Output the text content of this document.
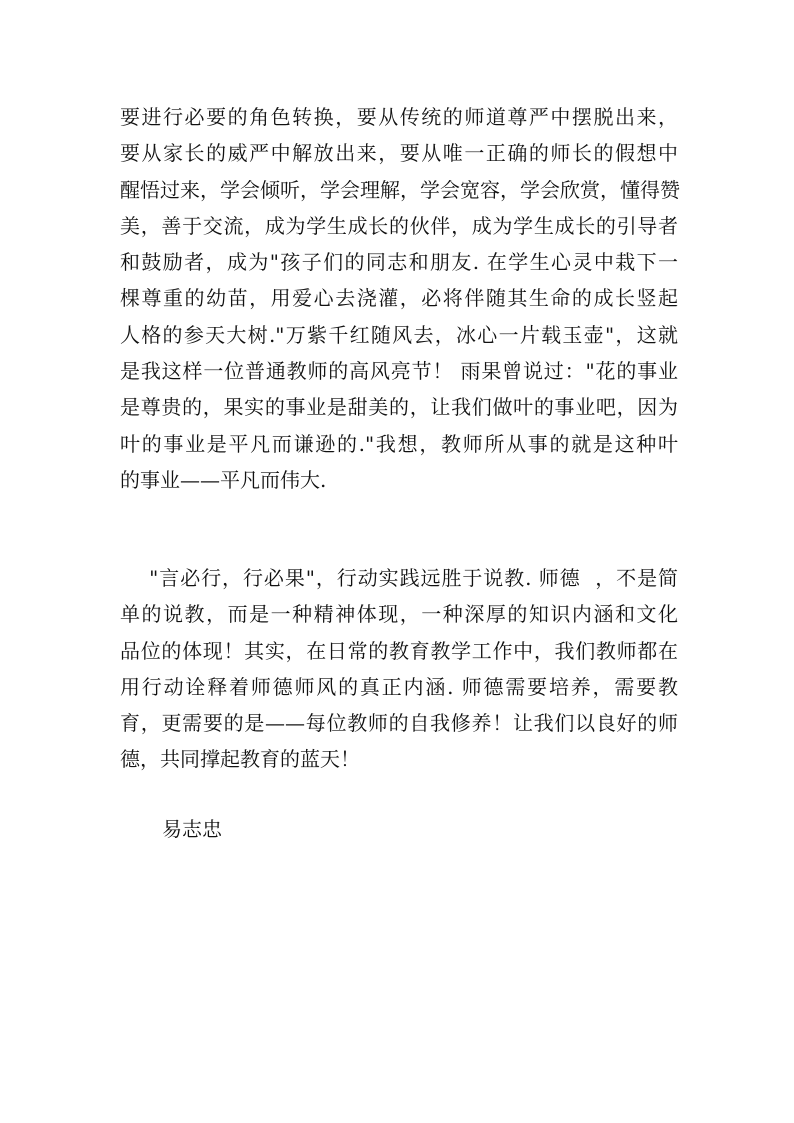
要进行必要的角色转换，要从传统的师道尊严中摆脱出来，
要从家长的威严中解放出来，要从唯一正确的师长的假想中
醒悟过来，学会倾听，学会理解，学会宽容，学会欣赏，懂得赞
美，善于交流，成为学生成长的伙伴，成为学生成长的引导者
和鼓励者，成为"孩子们的同志和朋友. 在学生心灵中栽下一
棵尊重的幼苗，用爱心去浇灌，必将伴随其生命的成长竖起
人格的参天大树."万紫千红随风去，冰心一片载玉壶"，这就
是我这样一位普通教师的高风亮节！ 雨果曾说过："花的事业
是尊贵的，果实的事业是甜美的，让我们做叶的事业吧，因为
叶的事业是平凡而谦逊的."我想，教师所从事的就是这种叶
的事业——平凡而伟大.
"言必行，行必果"，行动实践远胜于说教. 师德  ，不是简
单的说教，而是一种精神体现，一种深厚的知识内涵和文化
品位的体现！其实，在日常的教育教学工作中，我们教师都在
用行动诠释着师德师风的真正内涵. 师德需要培养，需要教
育，更需要的是——每位教师的自我修养！让我们以良好的师
德，共同撑起教育的蓝天！

易志忠
